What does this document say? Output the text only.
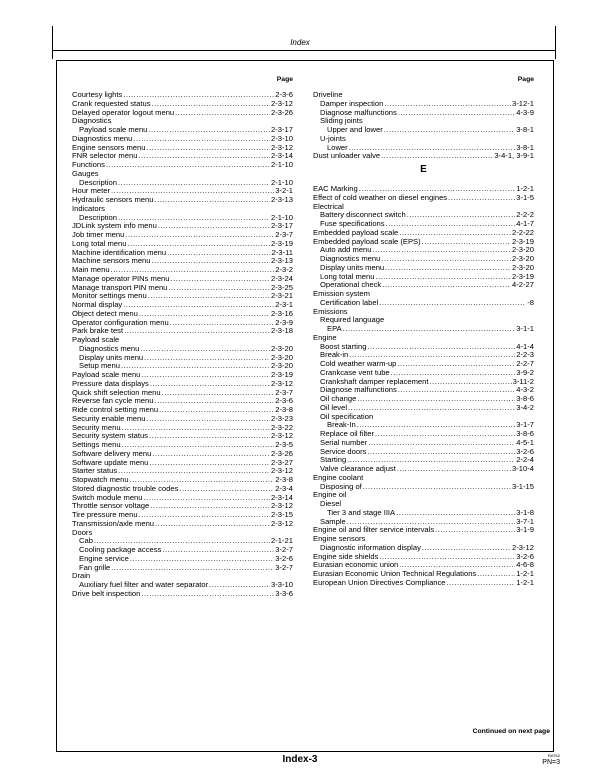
Index
Page
Courtesy lights .....	2-3-6
Crank requested status .....	2-3-12
Delayed operator logout menu .....	2-3-26
Diagnostics
Payload scale menu .....	2-3-17
Diagnostics menu .....	2-3-10
Engine sensors menu .....	2-3-12
FNR selector menu .....	2-3-14
Functions .....	2-1-10
Gauges
Description .....	2-1-10
Hour meter .....	3-2-1
Hydraulic sensors menu .....	2-3-13
Indicators
Description .....	2-1-10
JDLink system info menu .....	2-3-17
Job timer menu .....	2-3-7
Long total menu .....	2-3-19
Machine identification menu .....	2-3-11
Machine sensors menu .....	2-3-13
Main menu .....	2-3-2
Manage operator PINs menu .....	2-3-24
Manage transport PIN menu .....	2-3-25
Monitor settings menu .....	2-3-21
Normal display .....	2-3-1
Object detect menu .....	2-3-16
Operator configuration menu .....	2-3-9
Park brake test .....	2-3-18
Payload scale
Diagnostics menu .....	2-3-20
Display units menu .....	2-3-20
Setup menu .....	2-3-20
Payload scale menu .....	2-3-19
Pressure data displays .....	2-3-12
Quick shift selection menu .....	2-3-7
Reverse fan cycle menu .....	2-3-6
Ride control setting menu .....	2-3-8
Security enable menu .....	2-3-23
Security menu .....	2-3-22
Security system status .....	2-3-12
Settings menu .....	2-3-5
Software delivery menu .....	2-3-26
Software update menu .....	2-3-27
Starter status .....	2-3-12
Stopwatch menu .....	2-3-8
Stored diagnostic trouble codes .....	2-3-4
Switch module menu .....	2-3-14
Throttle sensor voltage .....	2-3-12
Tire pressure menu .....	2-3-15
Transmission/axle menu .....	2-3-12
Doors
Cab .....	2-1-21
Cooling package access .....	3-2-7
Engine service .....	3-2-6
Fan grille .....	3-2-7
Drain
Auxiliary fuel filter and water separator .....	3-3-10
Drive belt inspection .....	3-3-6
Page
Driveline
Damper inspection .....	3-12-1
Diagnose malfunctions .....	4-3-9
Sliding joints
Upper and lower .....	3-8-1
U-joints
Lower .....	3-8-1
Dust unloader valve .....	3-4-1, 3-9-1
E
EAC Marking .....	1-2-1
Effect of cold weather on diesel engines .....	3-1-5
Electrical
Battery disconnect switch .....	2-2-2
Fuse specifications .....	4-1-7
Embedded payload scale .....	2-2-22
Embedded payload scale (EPS) .....	2-3-19
Auto add menu .....	2-3-20
Diagnostics menu .....	2-3-20
Display units menu .....	2-3-20
Long total menu .....	2-3-19
Operational check .....	4-2-27
Emission system
Certification label .....	-8
Emissions
Required language
EPA .....	3-1-1
Engine
Boost starting .....	4-1-4
Break-in .....	2-2-3
Cold weather warm-up .....	2-2-7
Crankcase vent tube .....	3-9-2
Crankshaft damper replacement .....	3-11-2
Diagnose malfunctions .....	4-3-2
Oil change .....	3-8-6
Oil level .....	3-4-2
Oil specification
Break-In .....	3-1-7
Replace oil filter .....	3-8-6
Serial number .....	4-5-1
Service doors .....	3-2-6
Starting .....	2-2-4
Valve clearance adjust .....	3-10-4
Engine coolant
Disposing of .....	3-1-15
Engine oil
Diesel
Tier 3 and stage IIIA .....	3-1-8
Sample .....	3-7-1
Engine oil and filter service intervals .....	3-1-9
Engine sensors
Diagnostic information display .....	2-3-12
Engine side shields .....	3-2-6
Eurasian economic union .....	4-6-8
Eurasian Economic Union Technical Regulations .....	1-2-1
European Union Directives Compliance .....	1-2-1
Continued on next page
Index-3	RAT62
PN=3
